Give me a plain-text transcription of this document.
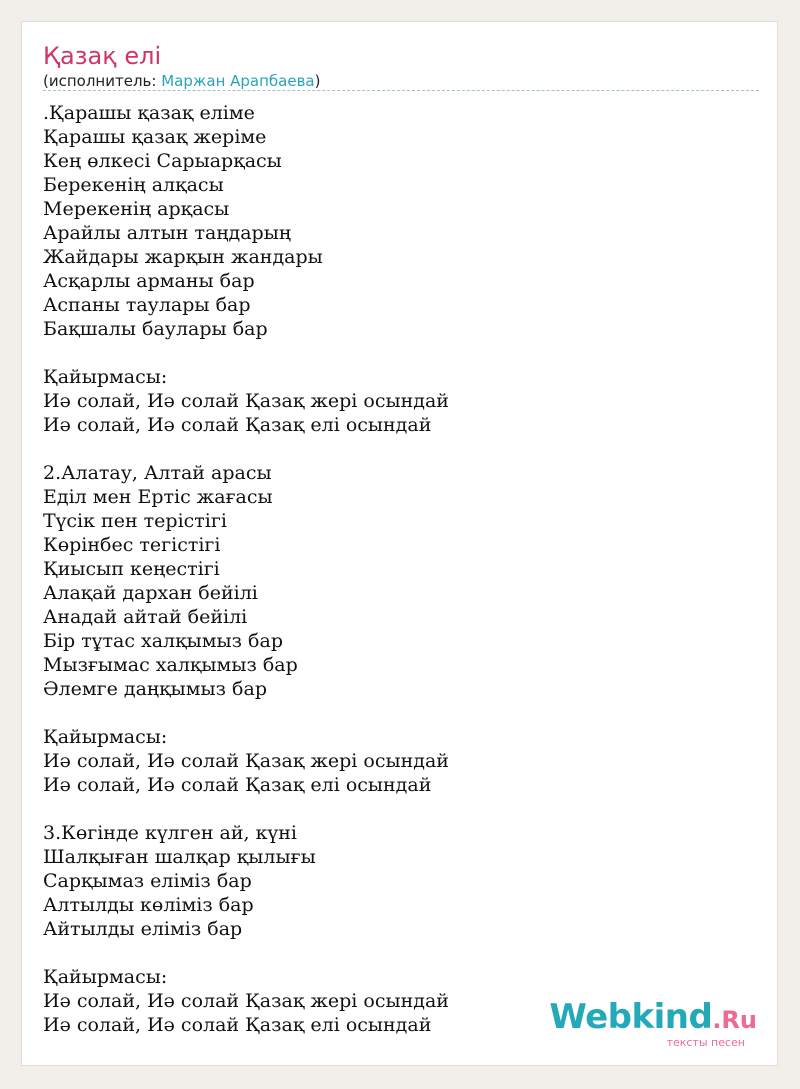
Қазақ елі
(исполнитель: Маржан Арапбаева)
.Қарашы қазақ еліме
Қарашы қазақ жеріме
Кең өлкесі Сарыарқасы
Берекенің алқасы
Мерекенің арқасы
Арайлы алтын таңдарың
Жайдары жарқын жандары
Асқарлы арманы бар
Аспаны таулары бар
Бақшалы баулары бар
Қайырмасы:
Иә солай, Иә солай Қазақ жері осындай
Иә солай, Иә солай Қазақ елі осындай
2.Алатау, Алтай арасы
Еділ мен Ертіс жағасы
Түсік пен терістігі
Көрінбес тегістігі
Қиысып кеңестігі
Алақай дархан бейілі
Анадай айтай бейілі
Бір тұтас халқымыз бар
Мызғымас халқымыз бар
Әлемге даңқымыз бар
Қайырмасы:
Иә солай, Иә солай Қазақ жері осындай
Иә солай, Иә солай Қазақ елі осындай
3.Көгінде күлген ай, күні
Шалқыған шалқар қылығы
Сарқымаз еліміз бар
Алтылды көліміз бар
Айтылды еліміз бар
Қайырмасы:
Иә солай, Иә солай Қазақ жері осындай
Иә солай, Иә солай Қазақ елі осындай	Webkind.Ru
тексты песен
